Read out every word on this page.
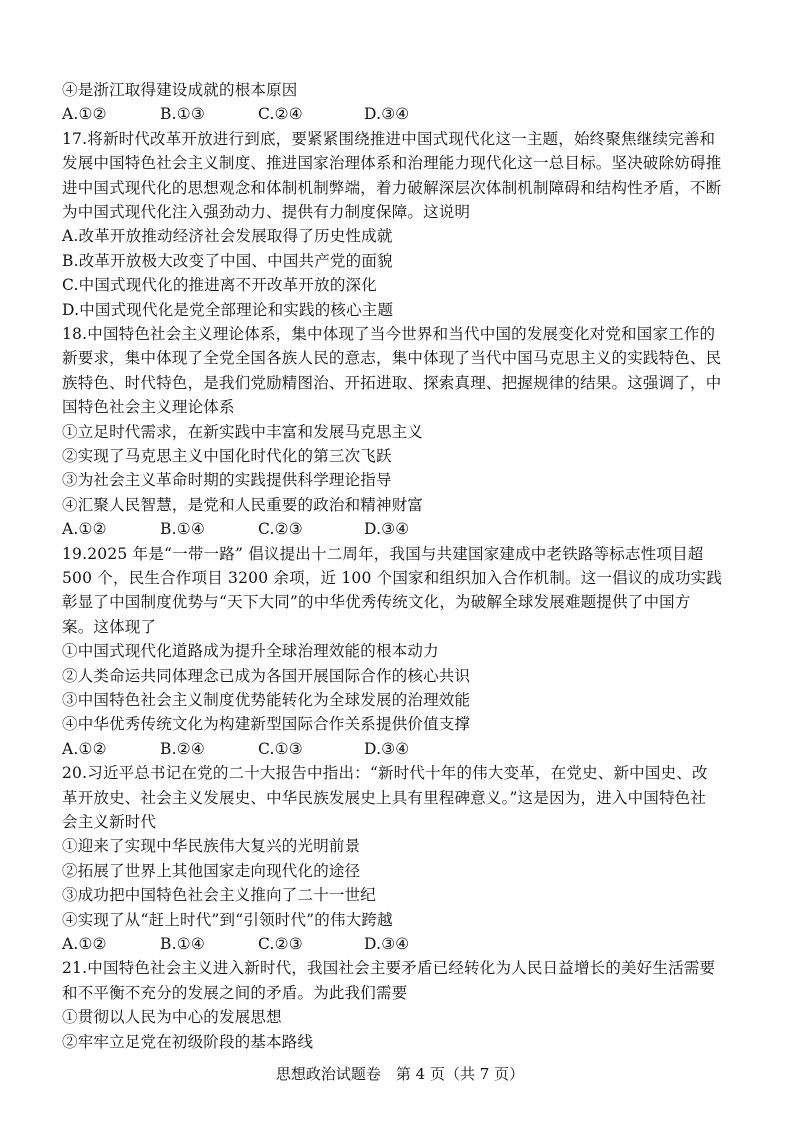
④是浙江取得建设成就的根本原因
A.①②	B.①③	C.②④	D.③④
17.将新时代改革开放进行到底，要紧紧围绕推进中国式现代化这一主题，始终聚焦继续完善和
发展中国特色社会主义制度、推进国家治理体系和治理能力现代化这一总目标。坚决破除妨碍推
进中国式现代化的思想观念和体制机制弊端，着力破解深层次体制机制障碍和结构性矛盾，不断
为中国式现代化注入强劲动力、提供有力制度保障。这说明
A.改革开放推动经济社会发展取得了历史性成就
B.改革开放极大改变了中国、中国共产党的面貌
C.中国式现代化的推进离不开改革开放的深化
D.中国式现代化是党全部理论和实践的核心主题
18.中国特色社会主义理论体系，集中体现了当今世界和当代中国的发展变化对党和国家工作的
新要求，集中体现了全党全国各族人民的意志，集中体现了当代中国马克思主义的实践特色、民
族特色、时代特色，是我们党励精图治、开拓进取、探索真理、把握规律的结果。这强调了，中
国特色社会主义理论体系
①立足时代需求，在新实践中丰富和发展马克思主义
②实现了马克思主义中国化时代化的第三次飞跃
③为社会主义革命时期的实践提供科学理论指导
④汇聚人民智慧，是党和人民重要的政治和精神财富
A.①②	B.①④	C.②③	D.③④
19.2025 年是“一带一路” 倡议提出十二周年，我国与共建国家建成中老铁路等标志性项目超
500 个，民生合作项目 3200 余项，近 100 个国家和组织加入合作机制。这一倡议的成功实践
彰显了中国制度优势与“天下大同”的中华优秀传统文化，为破解全球发展难题提供了中国方
案。这体现了
①中国式现代化道路成为提升全球治理效能的根本动力
②人类命运共同体理念已成为各国开展国际合作的核心共识
③中国特色社会主义制度优势能转化为全球发展的治理效能
④中华优秀传统文化为构建新型国际合作关系提供价值支撑
A.①②	B.②④	C.①③	D.③④
20.习近平总书记在党的二十大报告中指出：“新时代十年的伟大变革，在党史、新中国史、改
革开放史、社会主义发展史、中华民族发展史上具有里程碑意义。”这是因为，进入中国特色社
会主义新时代
①迎来了实现中华民族伟大复兴的光明前景
②拓展了世界上其他国家走向现代化的途径
③成功把中国特色社会主义推向了二十一世纪
④实现了从“赶上时代”到“引领时代”的伟大跨越
A.①②	B.①④	C.②③	D.③④
21.中国特色社会主义进入新时代，我国社会主要矛盾已经转化为人民日益增长的美好生活需要
和不平衡不充分的发展之间的矛盾。为此我们需要
①贯彻以人民为中心的发展思想
②牢牢立足党在初级阶段的基本路线
思想政治试题卷　第 4 页（共 7 页）
